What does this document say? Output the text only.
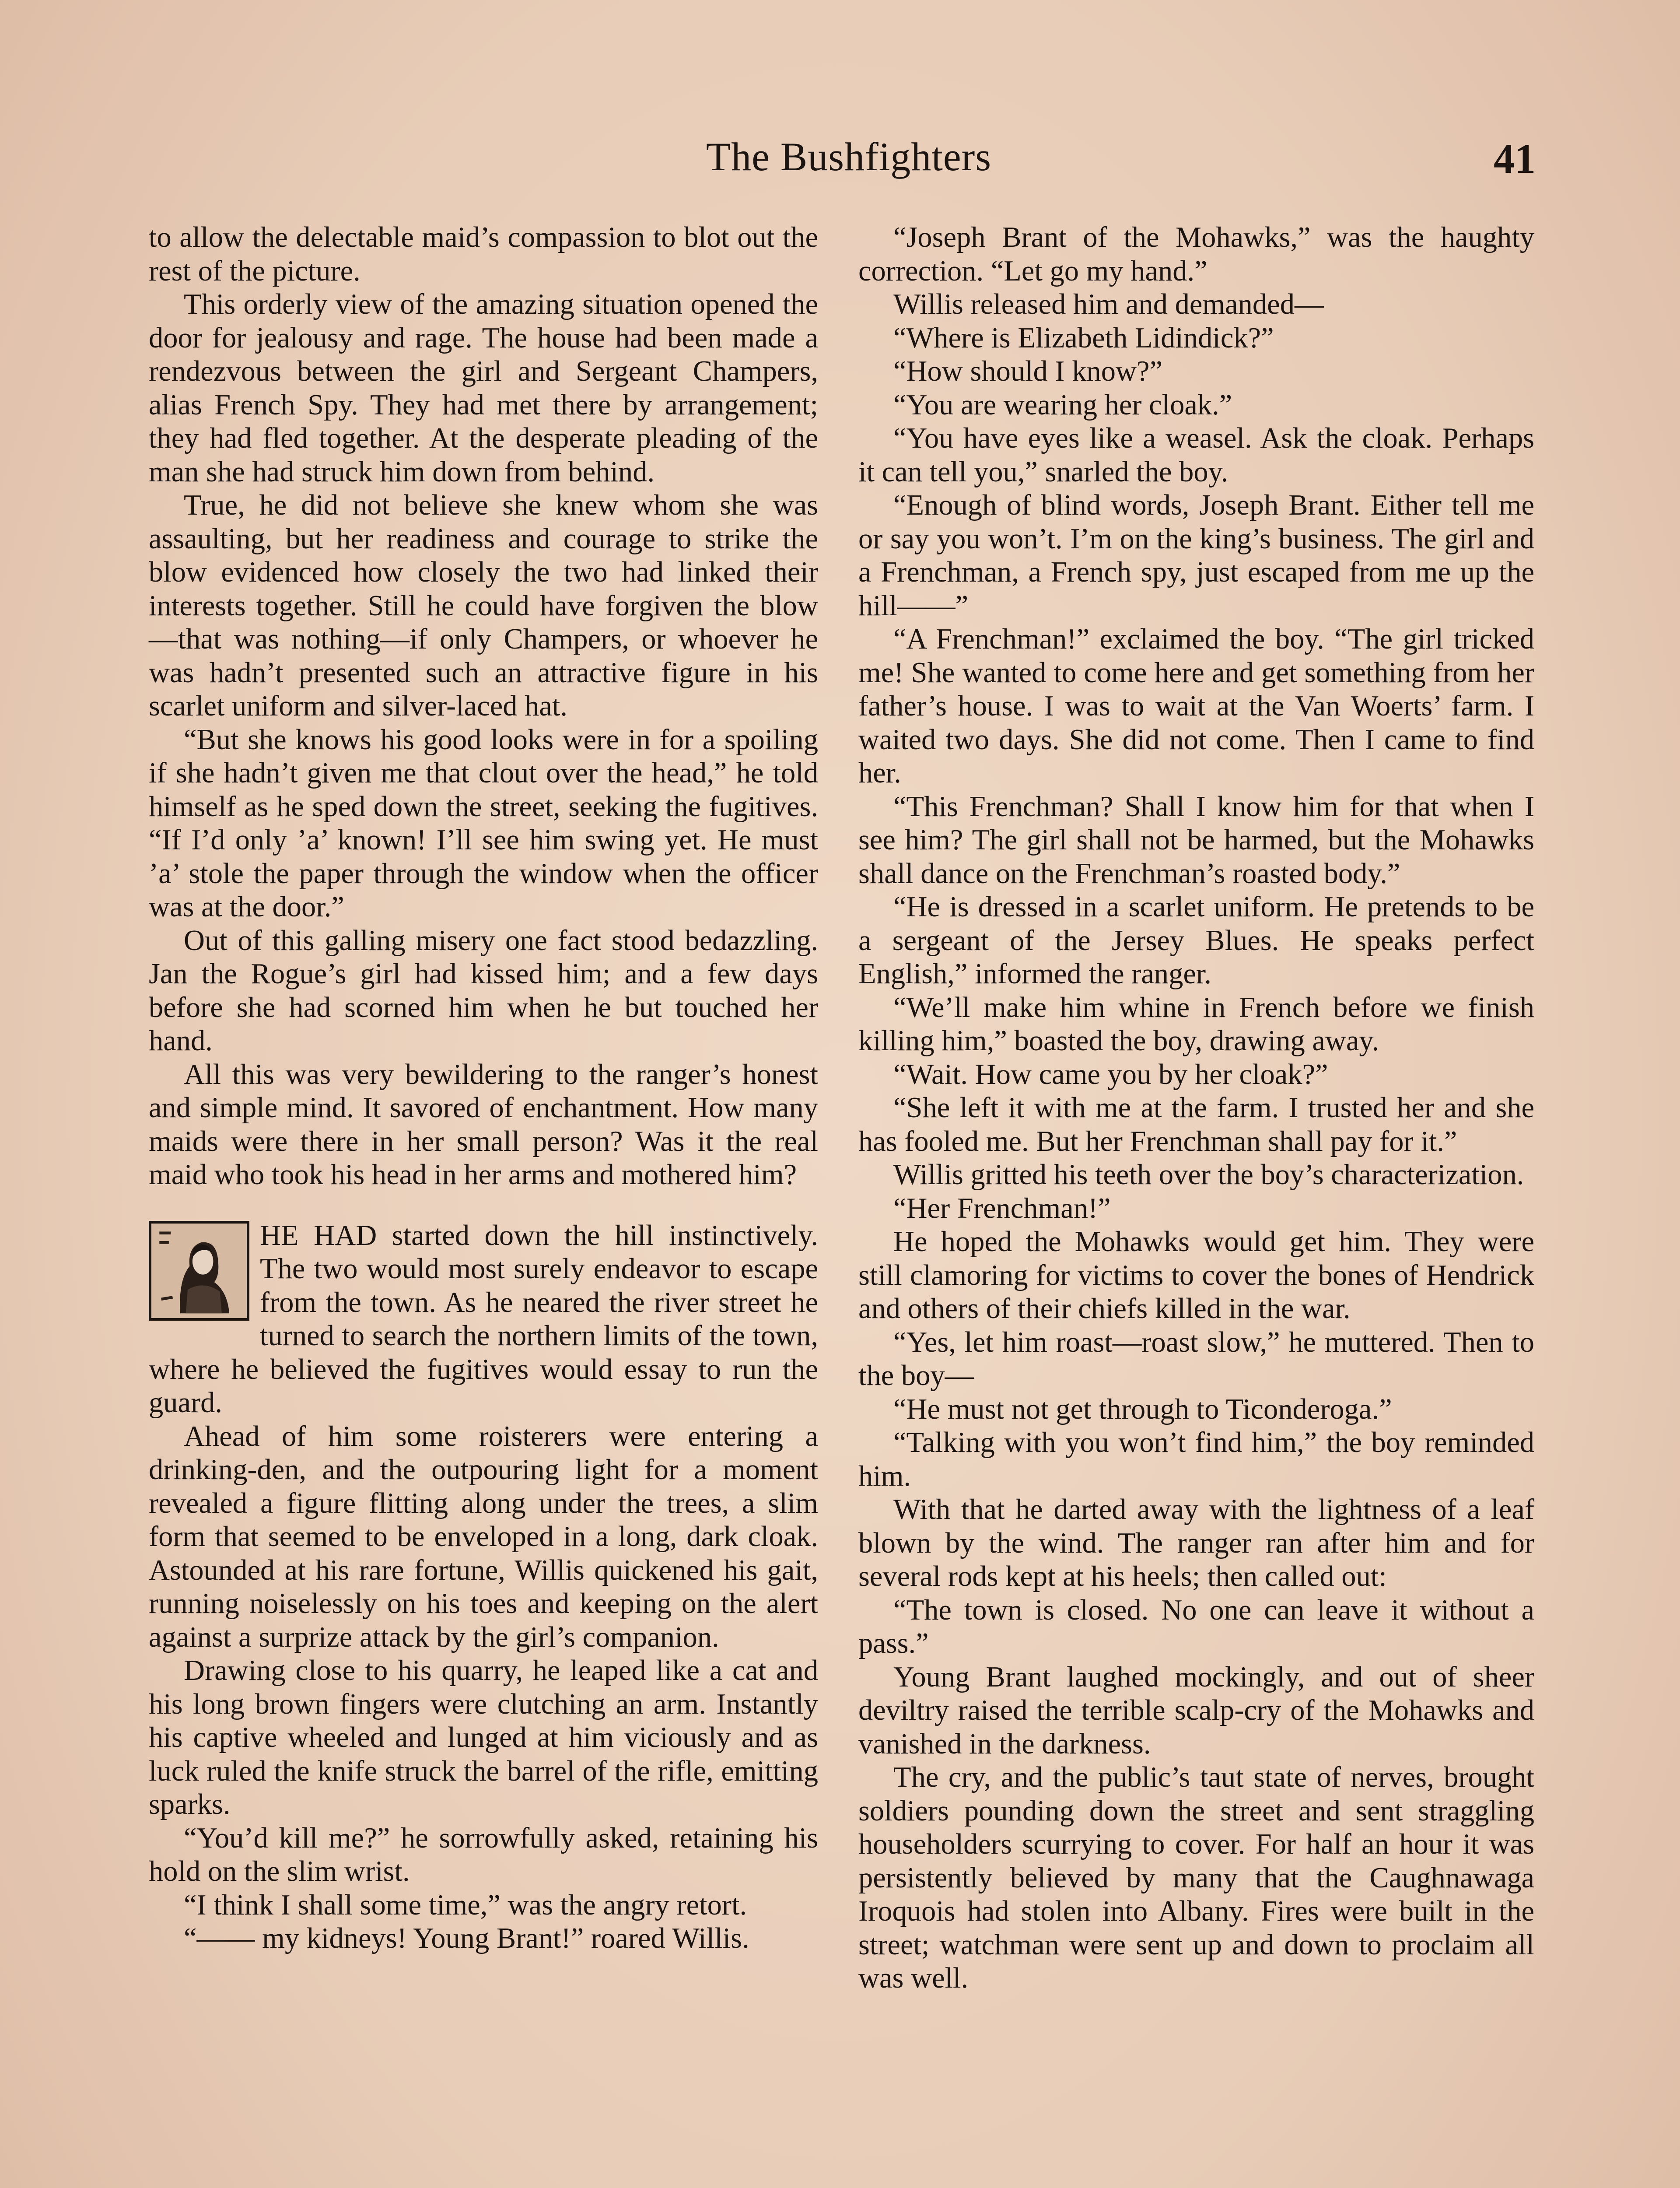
The Bushfighters	41

to allow the delectable maid’s compassion to blot out the rest of the picture.

This orderly view of the amazing situation opened the door for jealousy and rage. The house had been made a rendezvous between the girl and Sergeant Champers, alias French Spy. They had met there by arrangement; they had fled together. At the desperate pleading of the man she had struck him down from behind.

True, he did not believe she knew whom she was assaulting, but her readiness and courage to strike the blow evidenced how closely the two had linked their interests together. Still he could have forgiven the blow—that was nothing—if only Champers, or whoever he was hadn’t presented such an attractive figure in his scarlet uniform and silver-laced hat.

“But she knows his good looks were in for a spoiling if she hadn’t given me that clout over the head,” he told himself as he sped down the street, seeking the fugitives. “If I’d only ’a’ known! I’ll see him swing yet. He must ’a’ stole the paper through the window when the officer was at the door.”

Out of this galling misery one fact stood bedazzling. Jan the Rogue’s girl had kissed him; and a few days before she had scorned him when he but touched her hand.

All this was very bewildering to the ranger’s honest and simple mind. It savored of enchantment. How many maids were there in her small person? Was it the real maid who took his head in her arms and mothered him?

HE HAD started down the hill instinctively. The two would most surely endeavor to escape from the town. As he neared the river street he turned to search the northern limits of the town, where he believed the fugitives would essay to run the guard.

Ahead of him some roisterers were entering a drinking-den, and the outpouring light for a moment revealed a figure flitting along under the trees, a slim form that seemed to be enveloped in a long, dark cloak. Astounded at his rare fortune, Willis quickened his gait, running noiselessly on his toes and keeping on the alert against a surprize attack by the girl’s companion.

Drawing close to his quarry, he leaped like a cat and his long brown fingers were clutching an arm. Instantly his captive wheeled and lunged at him viciously and as luck ruled the knife struck the barrel of the rifle, emitting sparks.

“You’d kill me?” he sorrowfully asked, retaining his hold on the slim wrist.

“I think I shall some time,” was the angry retort.

“—— my kidneys! Young Brant!” roared Willis.

“Joseph Brant of the Mohawks,” was the haughty correction. “Let go my hand.”

Willis released him and demanded—

“Where is Elizabeth Lidindick?”

“How should I know?”

“You are wearing her cloak.”

“You have eyes like a weasel. Ask the cloak. Perhaps it can tell you,” snarled the boy.

“Enough of blind words, Joseph Brant. Either tell me or say you won’t. I’m on the king’s business. The girl and a Frenchman, a French spy, just escaped from me up the hill——”

“A Frenchman!” exclaimed the boy. “The girl tricked me! She wanted to come here and get something from her father’s house. I was to wait at the Van Woerts’ farm. I waited two days. She did not come. Then I came to find her.

“This Frenchman? Shall I know him for that when I see him? The girl shall not be harmed, but the Mohawks shall dance on the Frenchman’s roasted body.”

“He is dressed in a scarlet uniform. He pretends to be a sergeant of the Jersey Blues. He speaks perfect English,” informed the ranger.

“We’ll make him whine in French before we finish killing him,” boasted the boy, drawing away.

“Wait. How came you by her cloak?”

“She left it with me at the farm. I trusted her and she has fooled me. But her Frenchman shall pay for it.”

Willis gritted his teeth over the boy’s characterization.

“Her Frenchman!”

He hoped the Mohawks would get him. They were still clamoring for victims to cover the bones of Hendrick and others of their chiefs killed in the war.

“Yes, let him roast—roast slow,” he muttered. Then to the boy—

“He must not get through to Ticonderoga.”

“Talking with you won’t find him,” the boy reminded him.

With that he darted away with the lightness of a leaf blown by the wind. The ranger ran after him and for several rods kept at his heels; then called out:

“The town is closed. No one can leave it without a pass.”

Young Brant laughed mockingly, and out of sheer deviltry raised the terrible scalp-cry of the Mohawks and vanished in the darkness.

The cry, and the public’s taut state of nerves, brought soldiers pounding down the street and sent straggling householders scurrying to cover. For half an hour it was persistently believed by many that the Caughnawaga Iroquois had stolen into Albany. Fires were built in the street; watchman were sent up and down to proclaim all was well.
